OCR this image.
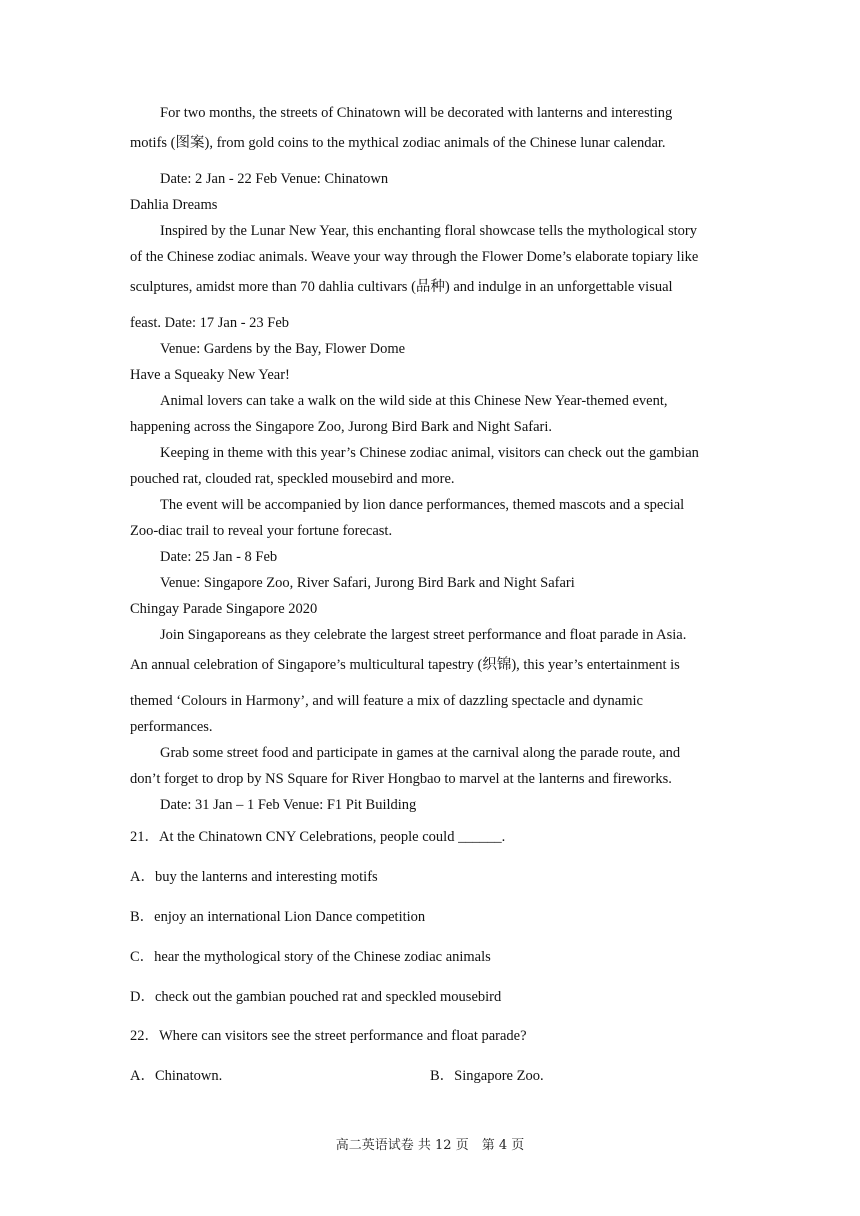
For two months, the streets of Chinatown will be decorated with lanterns and interesting
motifs (图案), from gold coins to the mythical zodiac animals of the Chinese lunar calendar.
Date: 2 Jan - 22 Feb Venue: Chinatown
Dahlia Dreams
Inspired by the Lunar New Year, this enchanting floral showcase tells the mythological story
of the Chinese zodiac animals. Weave your way through the Flower Dome’s elaborate topiary like
sculptures, amidst more than 70 dahlia cultivars (品种) and indulge in an unforgettable visual
feast. Date: 17 Jan - 23 Feb
Venue: Gardens by the Bay, Flower Dome
Have a Squeaky New Year!
Animal lovers can take a walk on the wild side at this Chinese New Year-themed event,
happening across the Singapore Zoo, Jurong Bird Bark and Night Safari.
Keeping in theme with this year’s Chinese zodiac animal, visitors can check out the gambian
pouched rat, clouded rat, speckled mousebird and more.
The event will be accompanied by lion dance performances, themed mascots and a special
Zoo-diac trail to reveal your fortune forecast.
Date: 25 Jan - 8 Feb
Venue: Singapore Zoo, River Safari, Jurong Bird Bark and Night Safari
Chingay Parade Singapore 2020
Join Singaporeans as they celebrate the largest street performance and float parade in Asia.
An annual celebration of Singapore’s multicultural tapestry (织锦), this year’s entertainment is
themed ‘Colours in Harmony’, and will feature a mix of dazzling spectacle and dynamic
performances.
Grab some street food and participate in games at the carnival along the parade route, and
don’t forget to drop by NS Square for River Hongbao to marvel at the lanterns and fireworks.
Date: 31 Jan – 1 Feb Venue: F1 Pit Building
21．At the Chinatown CNY Celebrations, people could ______.
A．buy the lanterns and interesting motifs
B．enjoy an international Lion Dance competition
C．hear the mythological story of the Chinese zodiac animals
D．check out the gambian pouched rat and speckled mousebird
22．Where can visitors see the street performance and float parade?
A．Chinatown.	B．Singapore Zoo.
高二英语试卷 共 12 页　第 4 页
